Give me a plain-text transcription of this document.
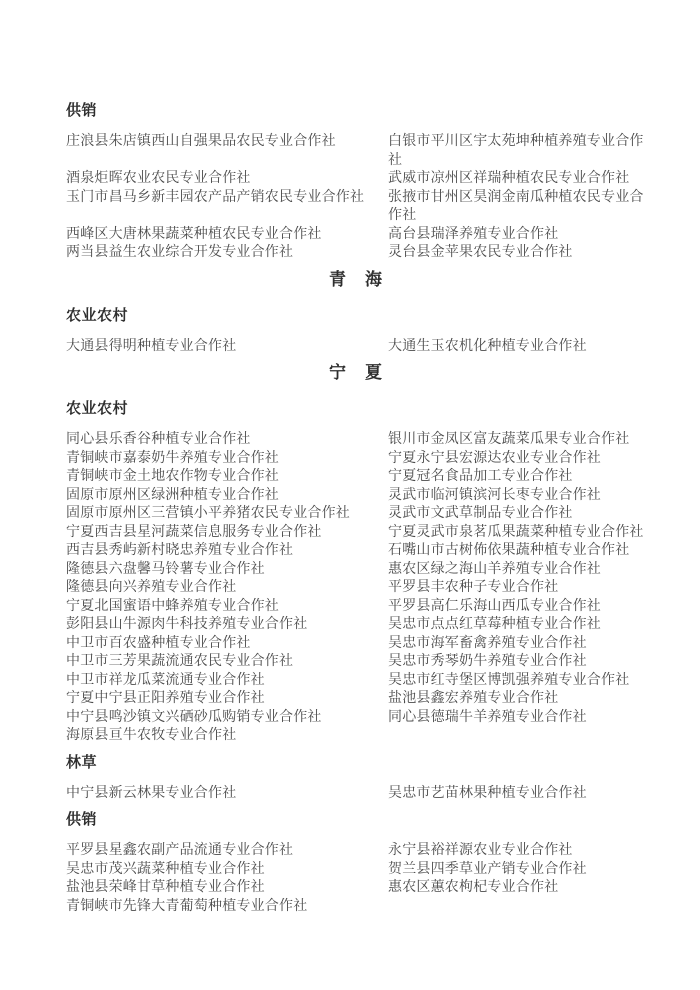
供销
庄浪县朱店镇西山自强果品农民专业合作社	白银市平川区宇太苑坤种植养殖专业合作社
酒泉炬晖农业农民专业合作社	武威市凉州区祥瑞种植农民专业合作社
玉门市昌马乡新丰园农产品产销农民专业合作社	张掖市甘州区昊润金南瓜种植农民专业合作社
西峰区大唐林果蔬菜种植农民专业合作社	高台县瑞泽养殖专业合作社
两当县益生农业综合开发专业合作社	灵台县金苹果农民专业合作社
青　海
农业农村
大通县得明种植专业合作社	大通生玉农机化种植专业合作社
宁　夏
农业农村
同心县乐香谷种植专业合作社	银川市金凤区富友蔬菜瓜果专业合作社
青铜峡市嘉泰奶牛养殖专业合作社	宁夏永宁县宏源达农业专业合作社
青铜峡市金土地农作物专业合作社	宁夏冠名食品加工专业合作社
固原市原州区绿洲种植专业合作社	灵武市临河镇滨河长枣专业合作社
固原市原州区三营镇小平养猪农民专业合作社	灵武市文武草制品专业合作社
宁夏西吉县星河蔬菜信息服务专业合作社	宁夏灵武市泉茗瓜果蔬菜种植专业合作社
西吉县秀屿新村晓忠养殖专业合作社	石嘴山市古树佈依果蔬种植专业合作社
隆德县六盘馨马铃薯专业合作社	惠农区绿之海山羊养殖专业合作社
隆德县向兴养殖专业合作社	平罗县丰农种子专业合作社
宁夏北国蜜语中蜂养殖专业合作社	平罗县高仁乐海山西瓜专业合作社
彭阳县山牛源肉牛科技养殖专业合作社	吴忠市点点红草莓种植专业合作社
中卫市百农盛种植专业合作社	吴忠市海军畜禽养殖专业合作社
中卫市三芳果蔬流通农民专业合作社	吴忠市秀琴奶牛养殖专业合作社
中卫市祥龙瓜菜流通专业合作社	吴忠市红寺堡区博凯强养殖专业合作社
宁夏中宁县正阳养殖专业合作社	盐池县鑫宏养殖专业合作社
中宁县鸣沙镇文兴硒砂瓜购销专业合作社	同心县德瑞牛羊养殖专业合作社
海原县亘牛农牧专业合作社
林草
中宁县新云林果专业合作社	吴忠市艺苗林果种植专业合作社
供销
平罗县星鑫农副产品流通专业合作社	永宁县裕祥源农业专业合作社
吴忠市茂兴蔬菜种植专业合作社	贺兰县四季草业产销专业合作社
盐池县荣峰甘草种植专业合作社	惠农区蕙农枸杞专业合作社
青铜峡市先锋大青葡萄种植专业合作社
